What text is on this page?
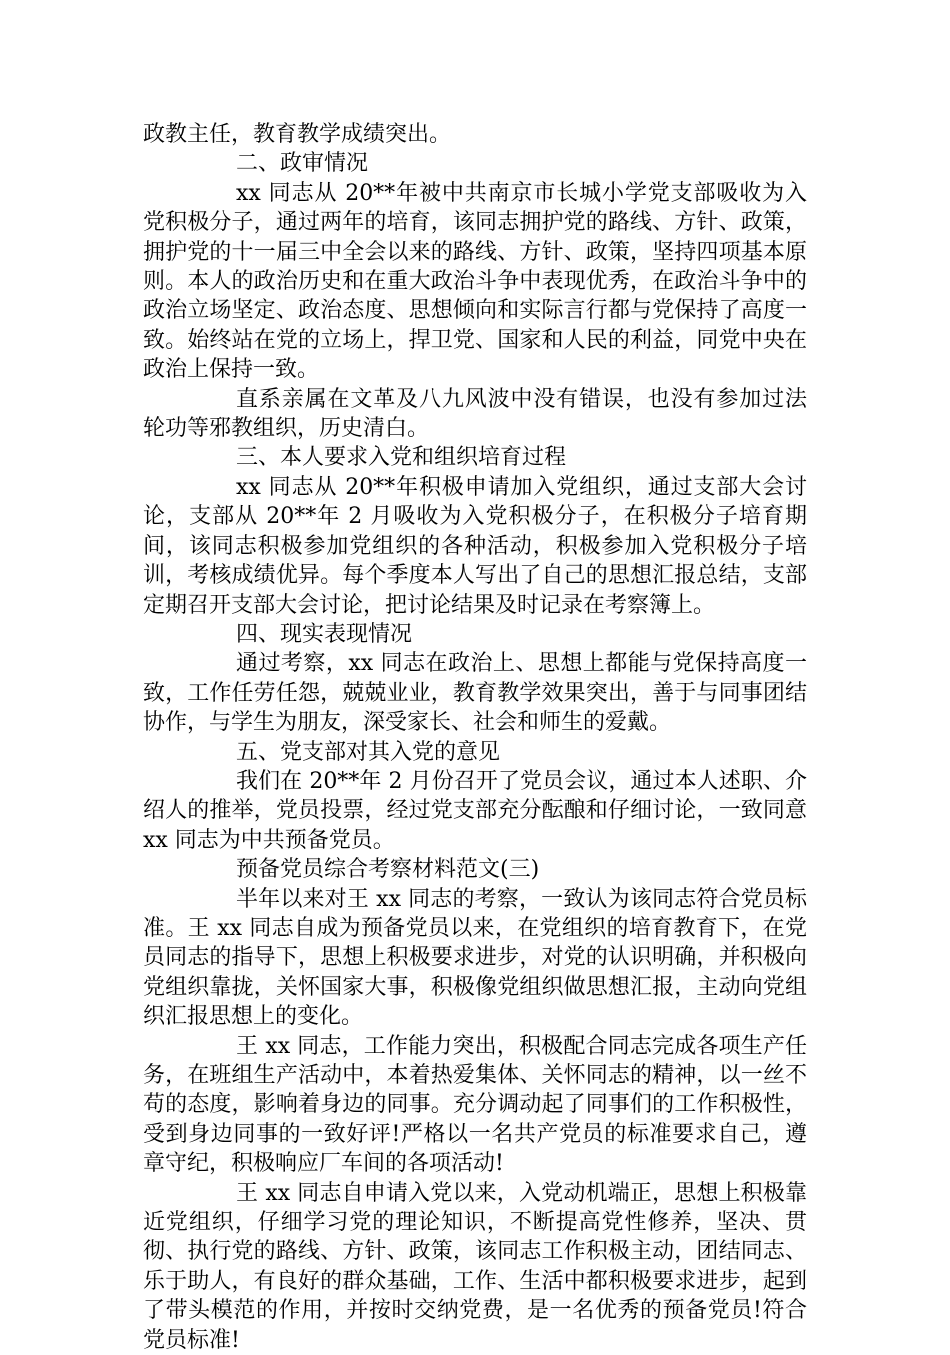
政教主任，教育教学成绩突出。

二、政审情况

xx 同志从 20**年被中共南京市长城小学党支部吸收为入党积极分子，通过两年的培育，该同志拥护党的路线、方针、政策，拥护党的十一届三中全会以来的路线、方针、政策，坚持四项基本原则。本人的政治历史和在重大政治斗争中表现优秀，在政治斗争中的政治立场坚定、政治态度、思想倾向和实际言行都与党保持了高度一致。始终站在党的立场上，捍卫党、国家和人民的利益，同党中央在政治上保持一致。

直系亲属在文革及八九风波中没有错误，也没有参加过法轮功等邪教组织，历史清白。

三、本人要求入党和组织培育过程

xx 同志从 20**年积极申请加入党组织，通过支部大会讨论，支部从 20**年 2 月吸收为入党积极分子，在积极分子培育期间，该同志积极参加党组织的各种活动，积极参加入党积极分子培训，考核成绩优异。每个季度本人写出了自己的思想汇报总结，支部定期召开支部大会讨论，把讨论结果及时记录在考察簿上。

四、现实表现情况

通过考察，xx 同志在政治上、思想上都能与党保持高度一致，工作任劳任怨，兢兢业业，教育教学效果突出，善于与同事团结协作，与学生为朋友，深受家长、社会和师生的爱戴。

五、党支部对其入党的意见

我们在 20**年 2 月份召开了党员会议，通过本人述职、介绍人的推举，党员投票，经过党支部充分酝酿和仔细讨论，一致同意 xx 同志为中共预备党员。

预备党员综合考察材料范文(三)

半年以来对王 xx 同志的考察，一致认为该同志符合党员标准。王 xx 同志自成为预备党员以来，在党组织的培育教育下，在党员同志的指导下，思想上积极要求进步，对党的认识明确，并积极向党组织靠拢，关怀国家大事，积极像党组织做思想汇报，主动向党组织汇报思想上的变化。

王 xx 同志，工作能力突出，积极配合同志完成各项生产任务，在班组生产活动中，本着热爱集体、关怀同志的精神，以一丝不苟的态度，影响着身边的同事。充分调动起了同事们的工作积极性，受到身边同事的一致好评!严格以一名共产党员的标准要求自己，遵章守纪，积极响应厂车间的各项活动!

王 xx 同志自申请入党以来，入党动机端正，思想上积极靠近党组织，仔细学习党的理论知识，不断提高党性修养，坚决、贯彻、执行党的路线、方针、政策，该同志工作积极主动，团结同志、乐于助人，有良好的群众基础，工作、生活中都积极要求进步，起到了带头模范的作用，并按时交纳党费，是一名优秀的预备党员!符合党员标准!
